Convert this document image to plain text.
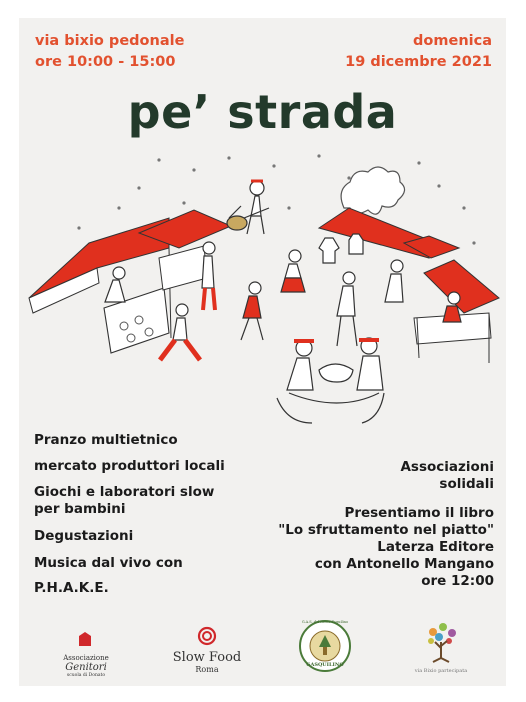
via bixio pedonale
ore 10:00 - 15:00
domenica
19 dicembre 2021
pe’ strada

Pranzo multietnico

mercato produttori locali

Giochi e laboratori slow

per bambini

Degustazioni

Musica dal vivo con

P.H.A.K.E.

Associazioni

solidali

Presentiamo il libro

"Lo sfruttamento nel piatto"

Laterza Editore

con Antonello Mangano

ore 12:00

Associazione
Genitori
scuola di Donato
Slow Food
Roma
G.A.S. del Rione Esquilino
GASQUILINO
via Bixio partecipata
